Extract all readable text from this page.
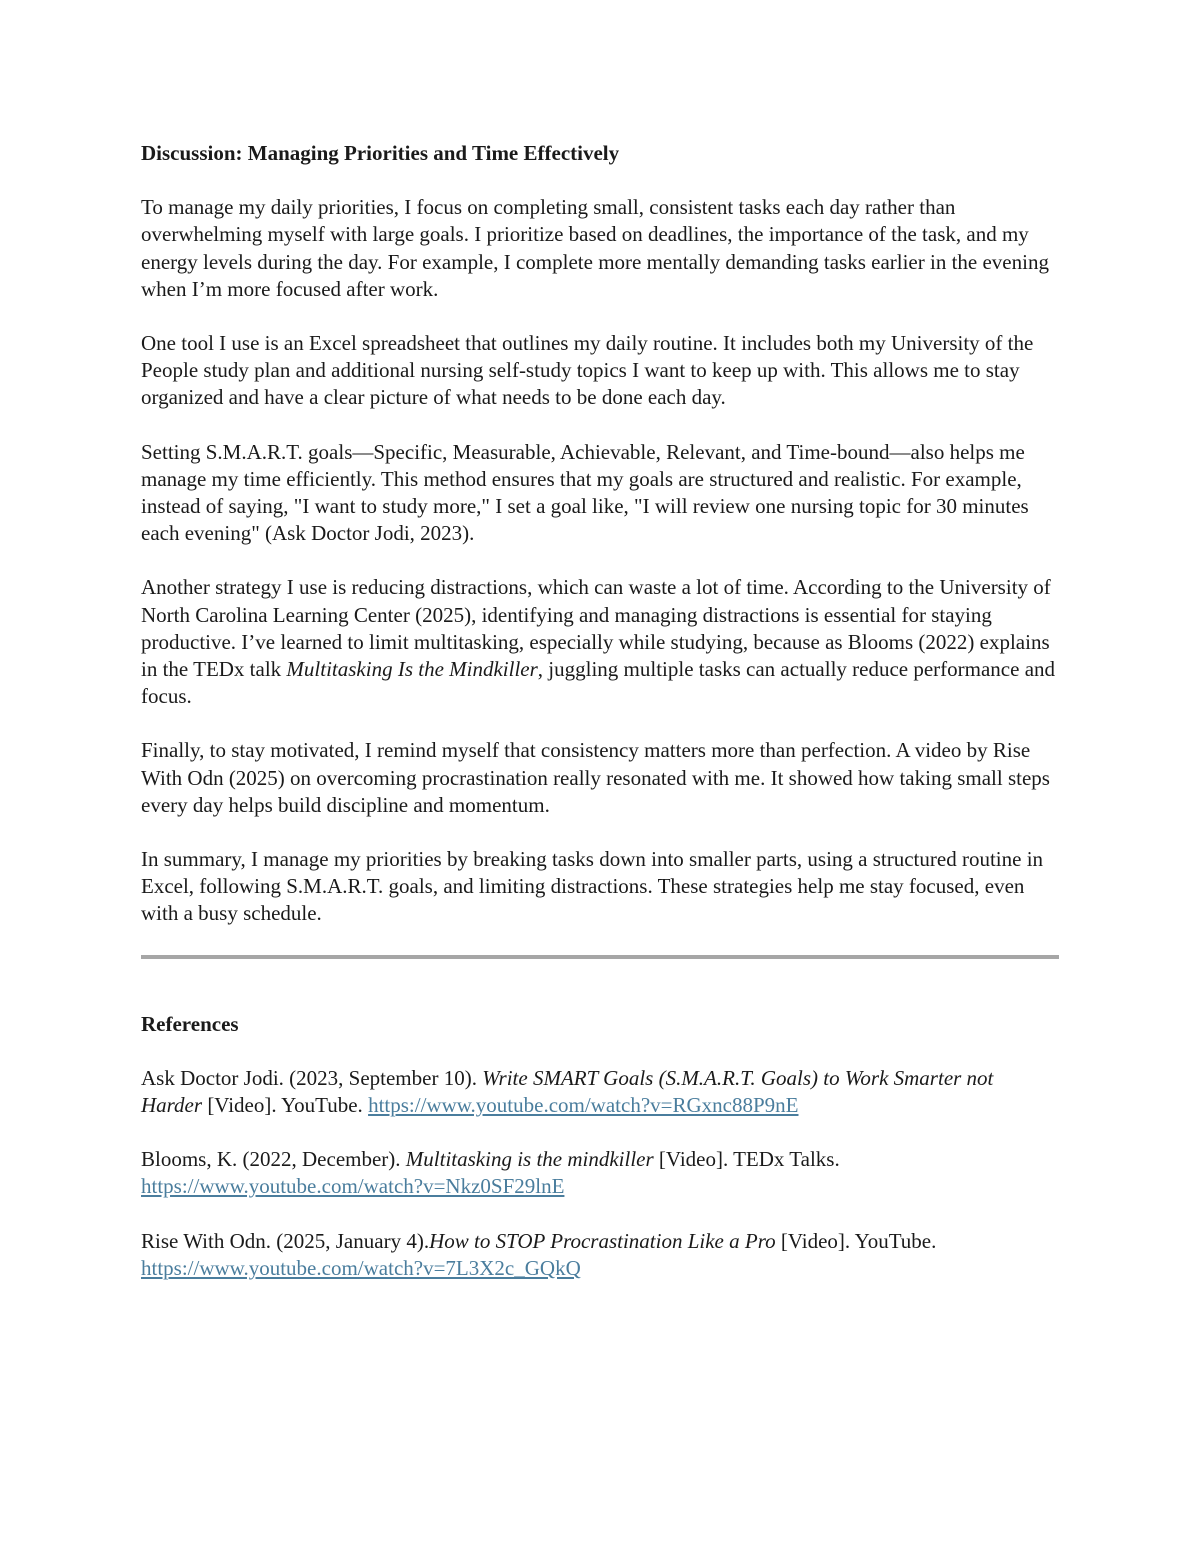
Discussion: Managing Priorities and Time Effectively

To manage my daily priorities, I focus on completing small, consistent tasks each day rather than overwhelming myself with large goals. I prioritize based on deadlines, the importance of the task, and my energy levels during the day. For example, I complete more mentally demanding tasks earlier in the evening when I’m more focused after work.

One tool I use is an Excel spreadsheet that outlines my daily routine. It includes both my University of the People study plan and additional nursing self-study topics I want to keep up with. This allows me to stay organized and have a clear picture of what needs to be done each day.

Setting S.M.A.R.T. goals—Specific, Measurable, Achievable, Relevant, and Time-bound—also helps me manage my time efficiently. This method ensures that my goals are structured and realistic. For example, instead of saying, "I want to study more," I set a goal like, "I will review one nursing topic for 30 minutes each evening" (Ask Doctor Jodi, 2023).

Another strategy I use is reducing distractions, which can waste a lot of time. According to the University of North Carolina Learning Center (2025), identifying and managing distractions is essential for staying productive. I’ve learned to limit multitasking, especially while studying, because as Blooms (2022) explains in the TEDx talk Multitasking Is the Mindkiller, juggling multiple tasks can actually reduce performance and focus.

Finally, to stay motivated, I remind myself that consistency matters more than perfection. A video by Rise With Odn (2025) on overcoming procrastination really resonated with me. It showed how taking small steps every day helps build discipline and momentum.

In summary, I manage my priorities by breaking tasks down into smaller parts, using a structured routine in Excel, following S.M.A.R.T. goals, and limiting distractions. These strategies help me stay focused, even with a busy schedule.

References
Ask Doctor Jodi. (2023, September 10). Write SMART Goals (S.M.A.R.T. Goals) to Work Smarter not Harder [Video]. YouTube. https://www.youtube.com/watch?v=RGxnc88P9nE
Blooms, K. (2022, December). Multitasking is the mindkiller [Video]. TEDx Talks.
https://www.youtube.com/watch?v=Nkz0SF29lnE
Rise With Odn. (2025, January 4).How to STOP Procrastination Like a Pro [Video]. YouTube.
https://www.youtube.com/watch?v=7L3X2c_GQkQ
